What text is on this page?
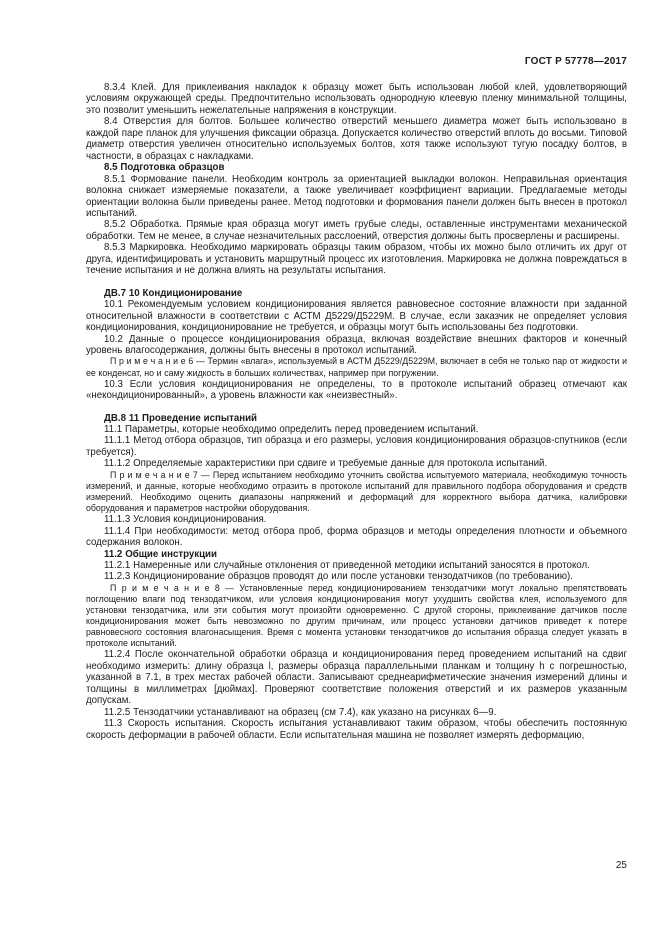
ГОСТ Р 57778—2017

8.3.4 Клей. Для приклеивания накладок к образцу может быть использован любой клей, удовлетворяющий условиям окружающей среды. Предпочтительно использовать однородную клеевую пленку минимальной толщины, это позволит уменьшить нежелательные напряжения в конструкции.

8.4 Отверстия для болтов. Большее количество отверстий меньшего диаметра может быть использовано в каждой паре планок для улучшения фиксации образца. Допускается количество отверстий вплоть до восьми. Типовой диаметр отверстия увеличен относительно используемых болтов, хотя также используют тугую посадку болтов, в частности, в образцах с накладками.

8.5 Подготовка образцов

8.5.1 Формование панели. Необходим контроль за ориентацией выкладки волокон. Неправильная ориентация волокна снижает измеряемые показатели, а также увеличивает коэффициент вариации. Предлагаемые методы ориентации волокна были приведены ранее. Метод подготовки и формования панели должен быть внесен в протокол испытаний.

8.5.2 Обработка. Прямые края образца могут иметь грубые следы, оставленные инструментами механической обработки. Тем не менее, в случае незначительных расслоений, отверстия должны быть просверлены и расширены.

8.5.3 Маркировка. Необходимо маркировать образцы таким образом, чтобы их можно было отличить их друг от друга, идентифицировать и установить маршрутный процесс их изготовления. Маркировка не должна повреждаться в течение испытания и не должна влиять на результаты испытания.

ДВ.7 10 Кондиционирование

10.1 Рекомендуемым условием кондиционирования является равновесное состояние влажности при заданной относительной влажности в соответствии с АСТМ Д5229/Д5229М. В случае, если заказчик не определяет условия кондиционирования, кондиционирование не требуется, и образцы могут быть использованы без подготовки.

10.2 Данные о процессе кондиционирования образца, включая воздействие внешних факторов и конечный уровень влагосодержания, должны быть внесены в протокол испытаний.

П р и м е ч а н и е 6 — Термин «влага», используемый в АСТМ Д5229/Д5229М, включает в себя не только пар от жидкости и ее конденсат, но и саму жидкость в больших количествах, например при погружении.

10.3 Если условия кондиционирования не определены, то в протоколе испытаний образец отмечают как «некондиционированный», а уровень влажности как «неизвестный».

ДВ.8 11 Проведение испытаний

11.1 Параметры, которые необходимо определить перед проведением испытаний.

11.1.1 Метод отбора образцов, тип образца и его размеры, условия кондиционирования образцов-спутников (если требуется).

11.1.2 Определяемые характеристики при сдвиге и требуемые данные для протокола испытаний.

П р и м е ч а н и е 7 — Перед испытанием необходимо уточнить свойства испытуемого материала, необходимую точность измерений, и данные, которые необходимо отразить в протоколе испытаний для правильного подбора оборудования и средств измерений. Необходимо оценить диапазоны напряжений и деформаций для корректного выбора датчика, калибровки оборудования и параметров настройки оборудования.

11.1.3 Условия кондиционирования.

11.1.4 При необходимости: метод отбора проб, форма образцов и методы определения плотности и объемного содержания волокон.

11.2 Общие инструкции

11.2.1 Намеренные или случайные отклонения от приведенной методики испытаний заносятся в протокол.

11.2.3 Кондиционирование образцов проводят до или после установки тензодатчиков (по требованию).

П р и м е ч а н и е 8 — Установленные перед кондиционированием тензодатчики могут локально препятствовать поглощению влаги под тензодатчиком, или условия кондиционирования могут ухудшить свойства клея, используемого для установки тензодатчика, или эти события могут произойти одновременно. С другой стороны, приклеивание датчиков после кондиционирования может быть невозможно по другим причинам, или процесс установки датчиков приведет к потере равновесного состояния влагонасыщения. Время с момента установки тензодатчиков до испытания образца следует указать в протоколе испытаний.

11.2.4 После окончательной обработки образца и кондиционирования перед проведением испытаний на сдвиг необходимо измерить: длину образца l, размеры образца параллельными планкам и толщину h с погрешностью, указанной в 7.1, в трех местах рабочей области. Записывают среднеарифметические значения измерений длины и толщины в миллиметрах [дюймах]. Проверяют соответствие положения отверстий и их размеров указанным допускам.

11.2.5 Тензодатчики устанавливают на образец (см 7.4), как указано на рисунках 6—9.

11.3 Скорость испытания. Скорость испытания устанавливают таким образом, чтобы обеспечить постоянную скорость деформации в рабочей области. Если испытательная машина не позволяет измерять деформацию,

25
